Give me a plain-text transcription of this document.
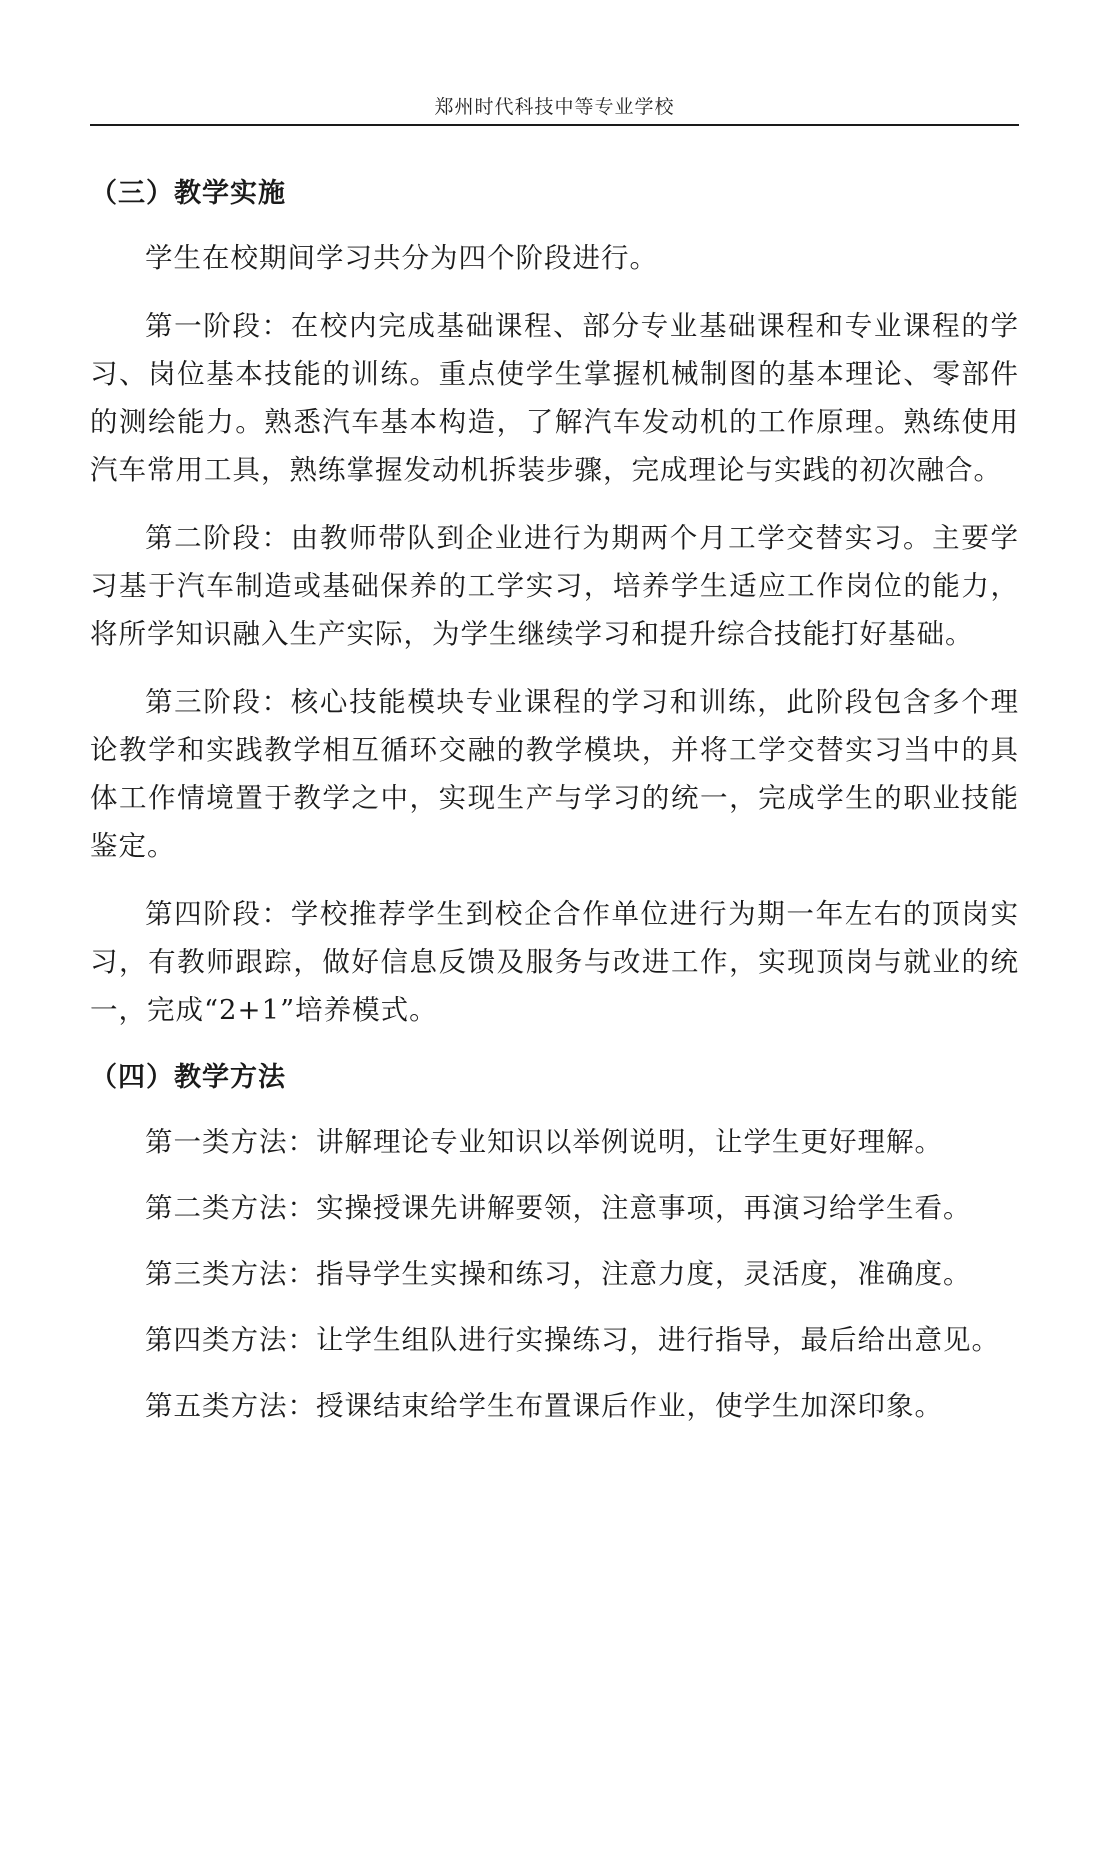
郑州时代科技中等专业学校
（三）教学实施

学生在校期间学习共分为四个阶段进行。

第一阶段：在校内完成基础课程、部分专业基础课程和专业课程的学习、岗位基本技能的训练。重点使学生掌握机械制图的基本理论、零部件的测绘能力。熟悉汽车基本构造，了解汽车发动机的工作原理。熟练使用汽车常用工具，熟练掌握发动机拆装步骤，完成理论与实践的初次融合。

第二阶段：由教师带队到企业进行为期两个月工学交替实习。主要学习基于汽车制造或基础保养的工学实习，培养学生适应工作岗位的能力，将所学知识融入生产实际，为学生继续学习和提升综合技能打好基础。

第三阶段：核心技能模块专业课程的学习和训练，此阶段包含多个理论教学和实践教学相互循环交融的教学模块，并将工学交替实习当中的具体工作情境置于教学之中，实现生产与学习的统一，完成学生的职业技能鉴定。

第四阶段：学校推荐学生到校企合作单位进行为期一年左右的顶岗实习，有教师跟踪，做好信息反馈及服务与改进工作，实现顶岗与就业的统一，完成“2+1”培养模式。

（四）教学方法

第一类方法：讲解理论专业知识以举例说明，让学生更好理解。

第二类方法：实操授课先讲解要领，注意事项，再演习给学生看。

第三类方法：指导学生实操和练习，注意力度，灵活度，准确度。

第四类方法：让学生组队进行实操练习，进行指导，最后给出意见。

第五类方法：授课结束给学生布置课后作业，使学生加深印象。
